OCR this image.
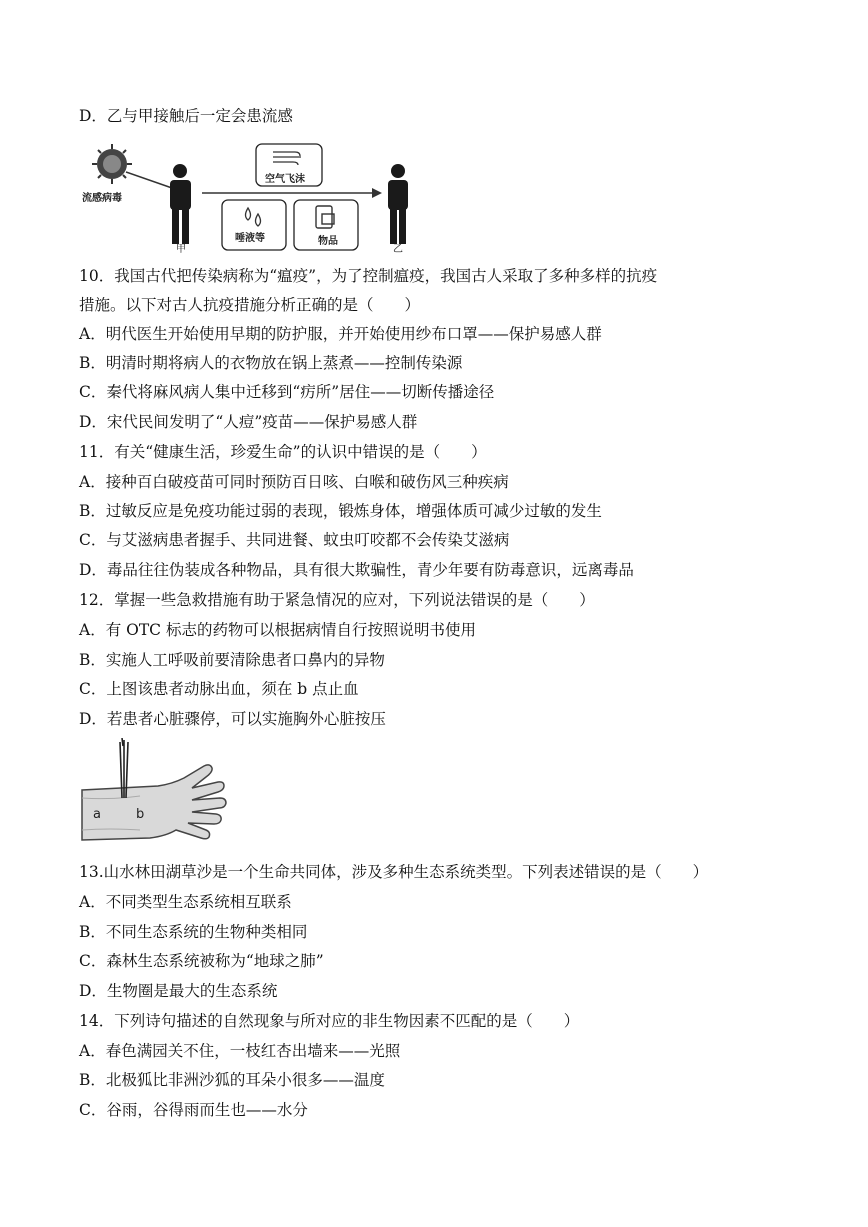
D．乙与甲接触后一定会患流感
流感病毒
甲
空气飞沫
唾液等	物品
乙
10．我国古代把传染病称为“瘟疫”，为了控制瘟疫，我国古人采取了多种多样的抗疫
措施。以下对古人抗疫措施分析正确的是（　　）
A．明代医生开始使用早期的防护服，并开始使用纱布口罩——保护易感人群
B．明清时期将病人的衣物放在锅上蒸煮——控制传染源
C．秦代将麻风病人集中迁移到“疠所”居住——切断传播途径
D．宋代民间发明了“人痘”疫苗——保护易感人群
11．有关“健康生活，珍爱生命”的认识中错误的是（　　）
A．接种百白破疫苗可同时预防百日咳、白喉和破伤风三种疾病
B．过敏反应是免疫功能过弱的表现，锻炼身体，增强体质可减少过敏的发生
C．与艾滋病患者握手、共同进餐、蚊虫叮咬都不会传染艾滋病
D．毒品往往伪装成各种物品，具有很大欺骗性，青少年要有防毒意识，远离毒品
12．掌握一些急救措施有助于紧急情况的应对，下列说法错误的是（　　）
A．有 OTC 标志的药物可以根据病情自行按照说明书使用
B．实施人工呼吸前要清除患者口鼻内的异物
C．上图该患者动脉出血，须在 b 点止血
D．若患者心脏骤停，可以实施胸外心脏按压
a	b
13.山水林田湖草沙是一个生命共同体，涉及多种生态系统类型。下列表述错误的是（　　）
A．不同类型生态系统相互联系
B．不同生态系统的生物种类相同
C．森林生态系统被称为“地球之肺”
D．生物圈是最大的生态系统
14．下列诗句描述的自然现象与所对应的非生物因素不匹配的是（　　）
A．春色满园关不住，一枝红杏出墙来——光照
B．北极狐比非洲沙狐的耳朵小很多——温度
C．谷雨，谷得雨而生也——水分
